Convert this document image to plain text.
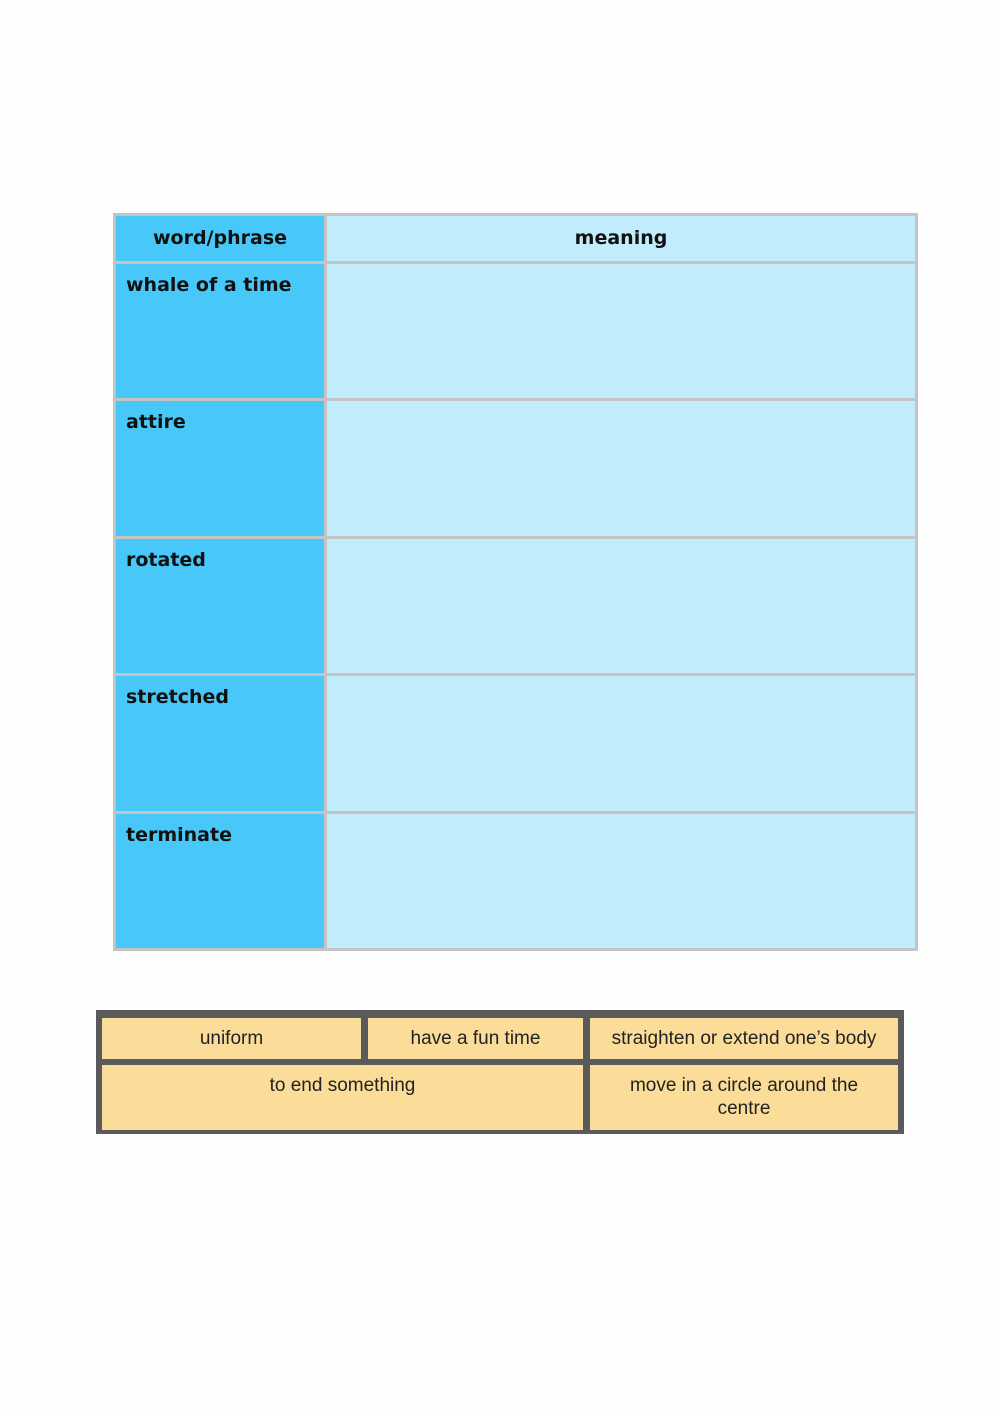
word/phrase	meaning

whale of a time	

attire	

rotated	

stretched	

terminate	

uniform	have a fun time	straighten or extend one’s body
to end something	move in a circle around the centre
